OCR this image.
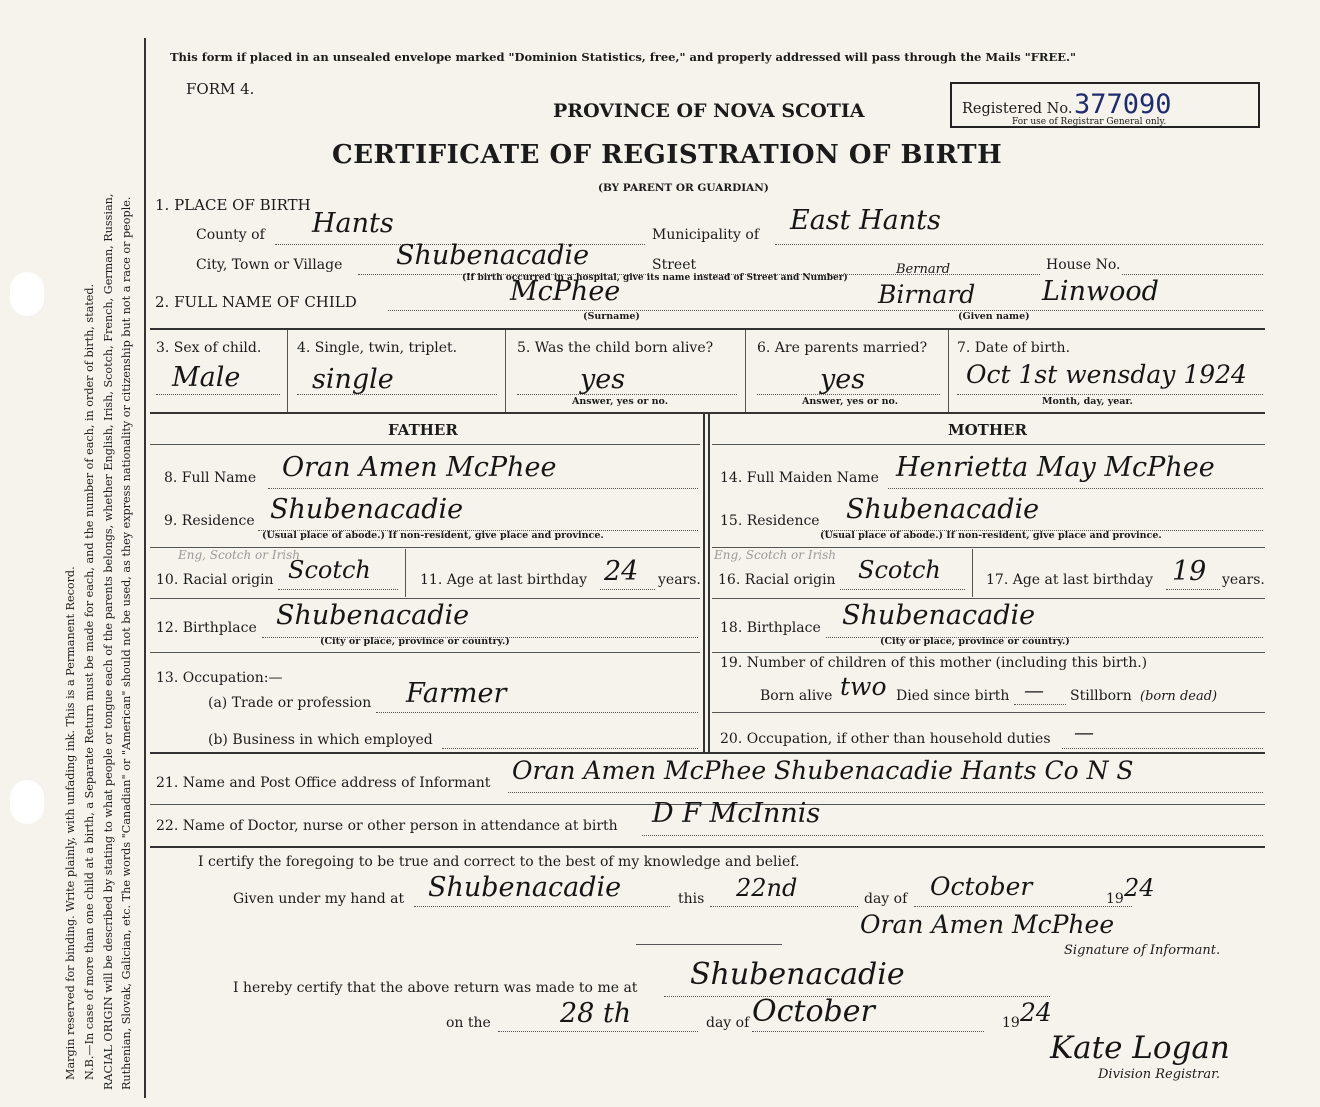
Margin reserved for binding. Write plainly, with unfading ink. This is a Permanent Record. N.B.—In case of more than one child at a birth, a Separate Return must be made for each, and the number of each, in order of birth, stated. RACIAL ORIGIN will be described by stating to what people or tongue each of the parents belongs, whether English, Irish, Scotch, French, German, Russian, Ruthenian, Slovak, Galician, etc. The words "Canadian" or "American" should not be used, as they express nationality or citizenship but not a race or people.
This form if placed in an unsealed envelope marked "Dominion Statistics, free," and properly addressed will pass through the Mails "FREE."
FORM 4.
PROVINCE OF NOVA SCOTIA
CERTIFICATE OF REGISTRATION OF BIRTH
(BY PARENT OR GUARDIAN)
Registered No. 377090
For use of Registrar General only.
1. PLACE OF BIRTH
County of Hants	Municipality of East Hants
City, Town or Village Shubenacadie	Street	House No.
(If birth occurred in a hospital, give its name instead of Street and Number)
2. FULL NAME OF CHILD	McPhee
(Surname)
Birnard
Bernard
Linwood
(Given name)
3. Sex of child.
Male
4. Single, twin, triplet.
single
5. Was the child born alive?
yes
Answer, yes or no.
6. Are parents married?
yes
Answer, yes or no.
7. Date of birth.
Oct 1st wensday 1924
Month, day, year.
FATHER	MOTHER
8. Full Name Oran Amen McPhee
9. Residence Shubenacadie
(Usual place of abode.) If non-resident, give place and province.
Eng, Scotch or Irish
10. Racial origin Scotch	11. Age at last birthday 24 years.
12. Birthplace Shubenacadie
(City or place, province or country.)
13. Occupation:—
(a) Trade or profession Farmer
(b) Business in which employed
14. Full Maiden Name Henrietta May McPhee
15. Residence Shubenacadie
(Usual place of abode.) If non-resident, give place and province.
Eng, Scotch or Irish
16. Racial origin Scotch	17. Age at last birthday 19 years.
18. Birthplace Shubenacadie
(City or place, province or country.)
19. Number of children of this mother (including this birth.)
Born alive two Died since birth — Stillborn (born dead)
20. Occupation, if other than household duties —
21. Name and Post Office address of Informant Oran Amen McPhee Shubenacadie Hants Co N S
22. Name of Doctor, nurse or other person in attendance at birth D F McInnis
I certify the foregoing to be true and correct to the best of my knowledge and belief.
Given under my hand at Shubenacadie	this 22nd	day of October	19 24
Oran Amen McPhee
Signature of Informant.
I hereby certify that the above return was made to me at Shubenacadie
on the	28 th	day of October	19 24
Kate Logan
Division Registrar.
